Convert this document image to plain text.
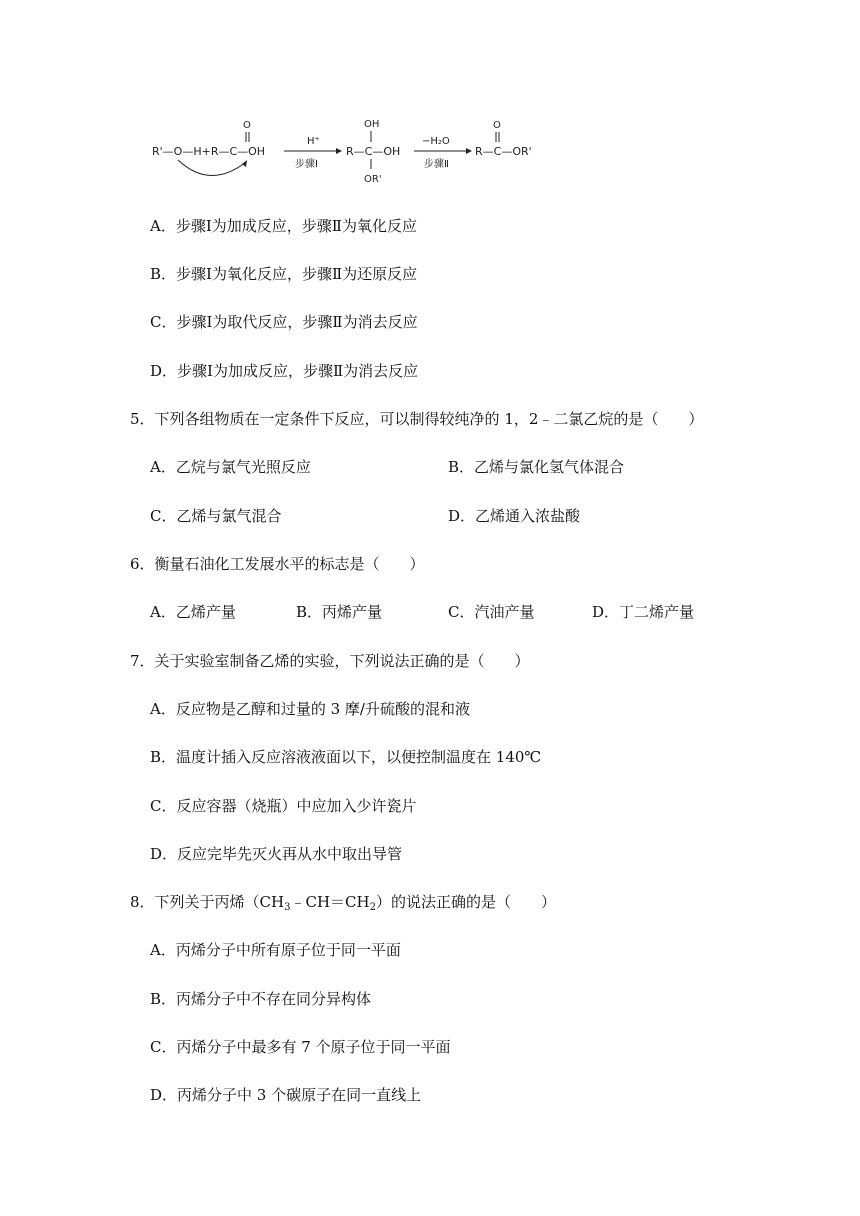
R'—O—H+R—C—OH
O
H⁺
步骤Ⅰ
R—C—OH
OH
OR'
−H₂O
步骤Ⅱ
R—C—OR'
O
A．步骤Ⅰ为加成反应，步骤Ⅱ为氧化反应
B．步骤Ⅰ为氧化反应，步骤Ⅱ为还原反应
C．步骤Ⅰ为取代反应，步骤Ⅱ为消去反应
D．步骤Ⅰ为加成反应，步骤Ⅱ为消去反应
5．下列各组物质在一定条件下反应，可以制得较纯净的 1，2﹣二氯乙烷的是（　　）
A．乙烷与氯气光照反应	B．乙烯与氯化氢气体混合
C．乙烯与氯气混合	D．乙烯通入浓盐酸
6．衡量石油化工发展水平的标志是（　　）
A．乙烯产量	B．丙烯产量	C．汽油产量	D．丁二烯产量
7．关于实验室制备乙烯的实验，下列说法正确的是（　　）
A．反应物是乙醇和过量的 3 摩/升硫酸的混和液
B．温度计插入反应溶液液面以下，以便控制温度在 140℃
C．反应容器（烧瓶）中应加入少许瓷片
D．反应完毕先灭火再从水中取出导管
8．下列关于丙烯$(CH_3﹣CH=CH_2)$的说法正确的是（　　）
A．丙烯分子中所有原子位于同一平面
B．丙烯分子中不存在同分异构体
C．丙烯分子中最多有 7 个原子位于同一平面
D．丙烯分子中 3 个碳原子在同一直线上
